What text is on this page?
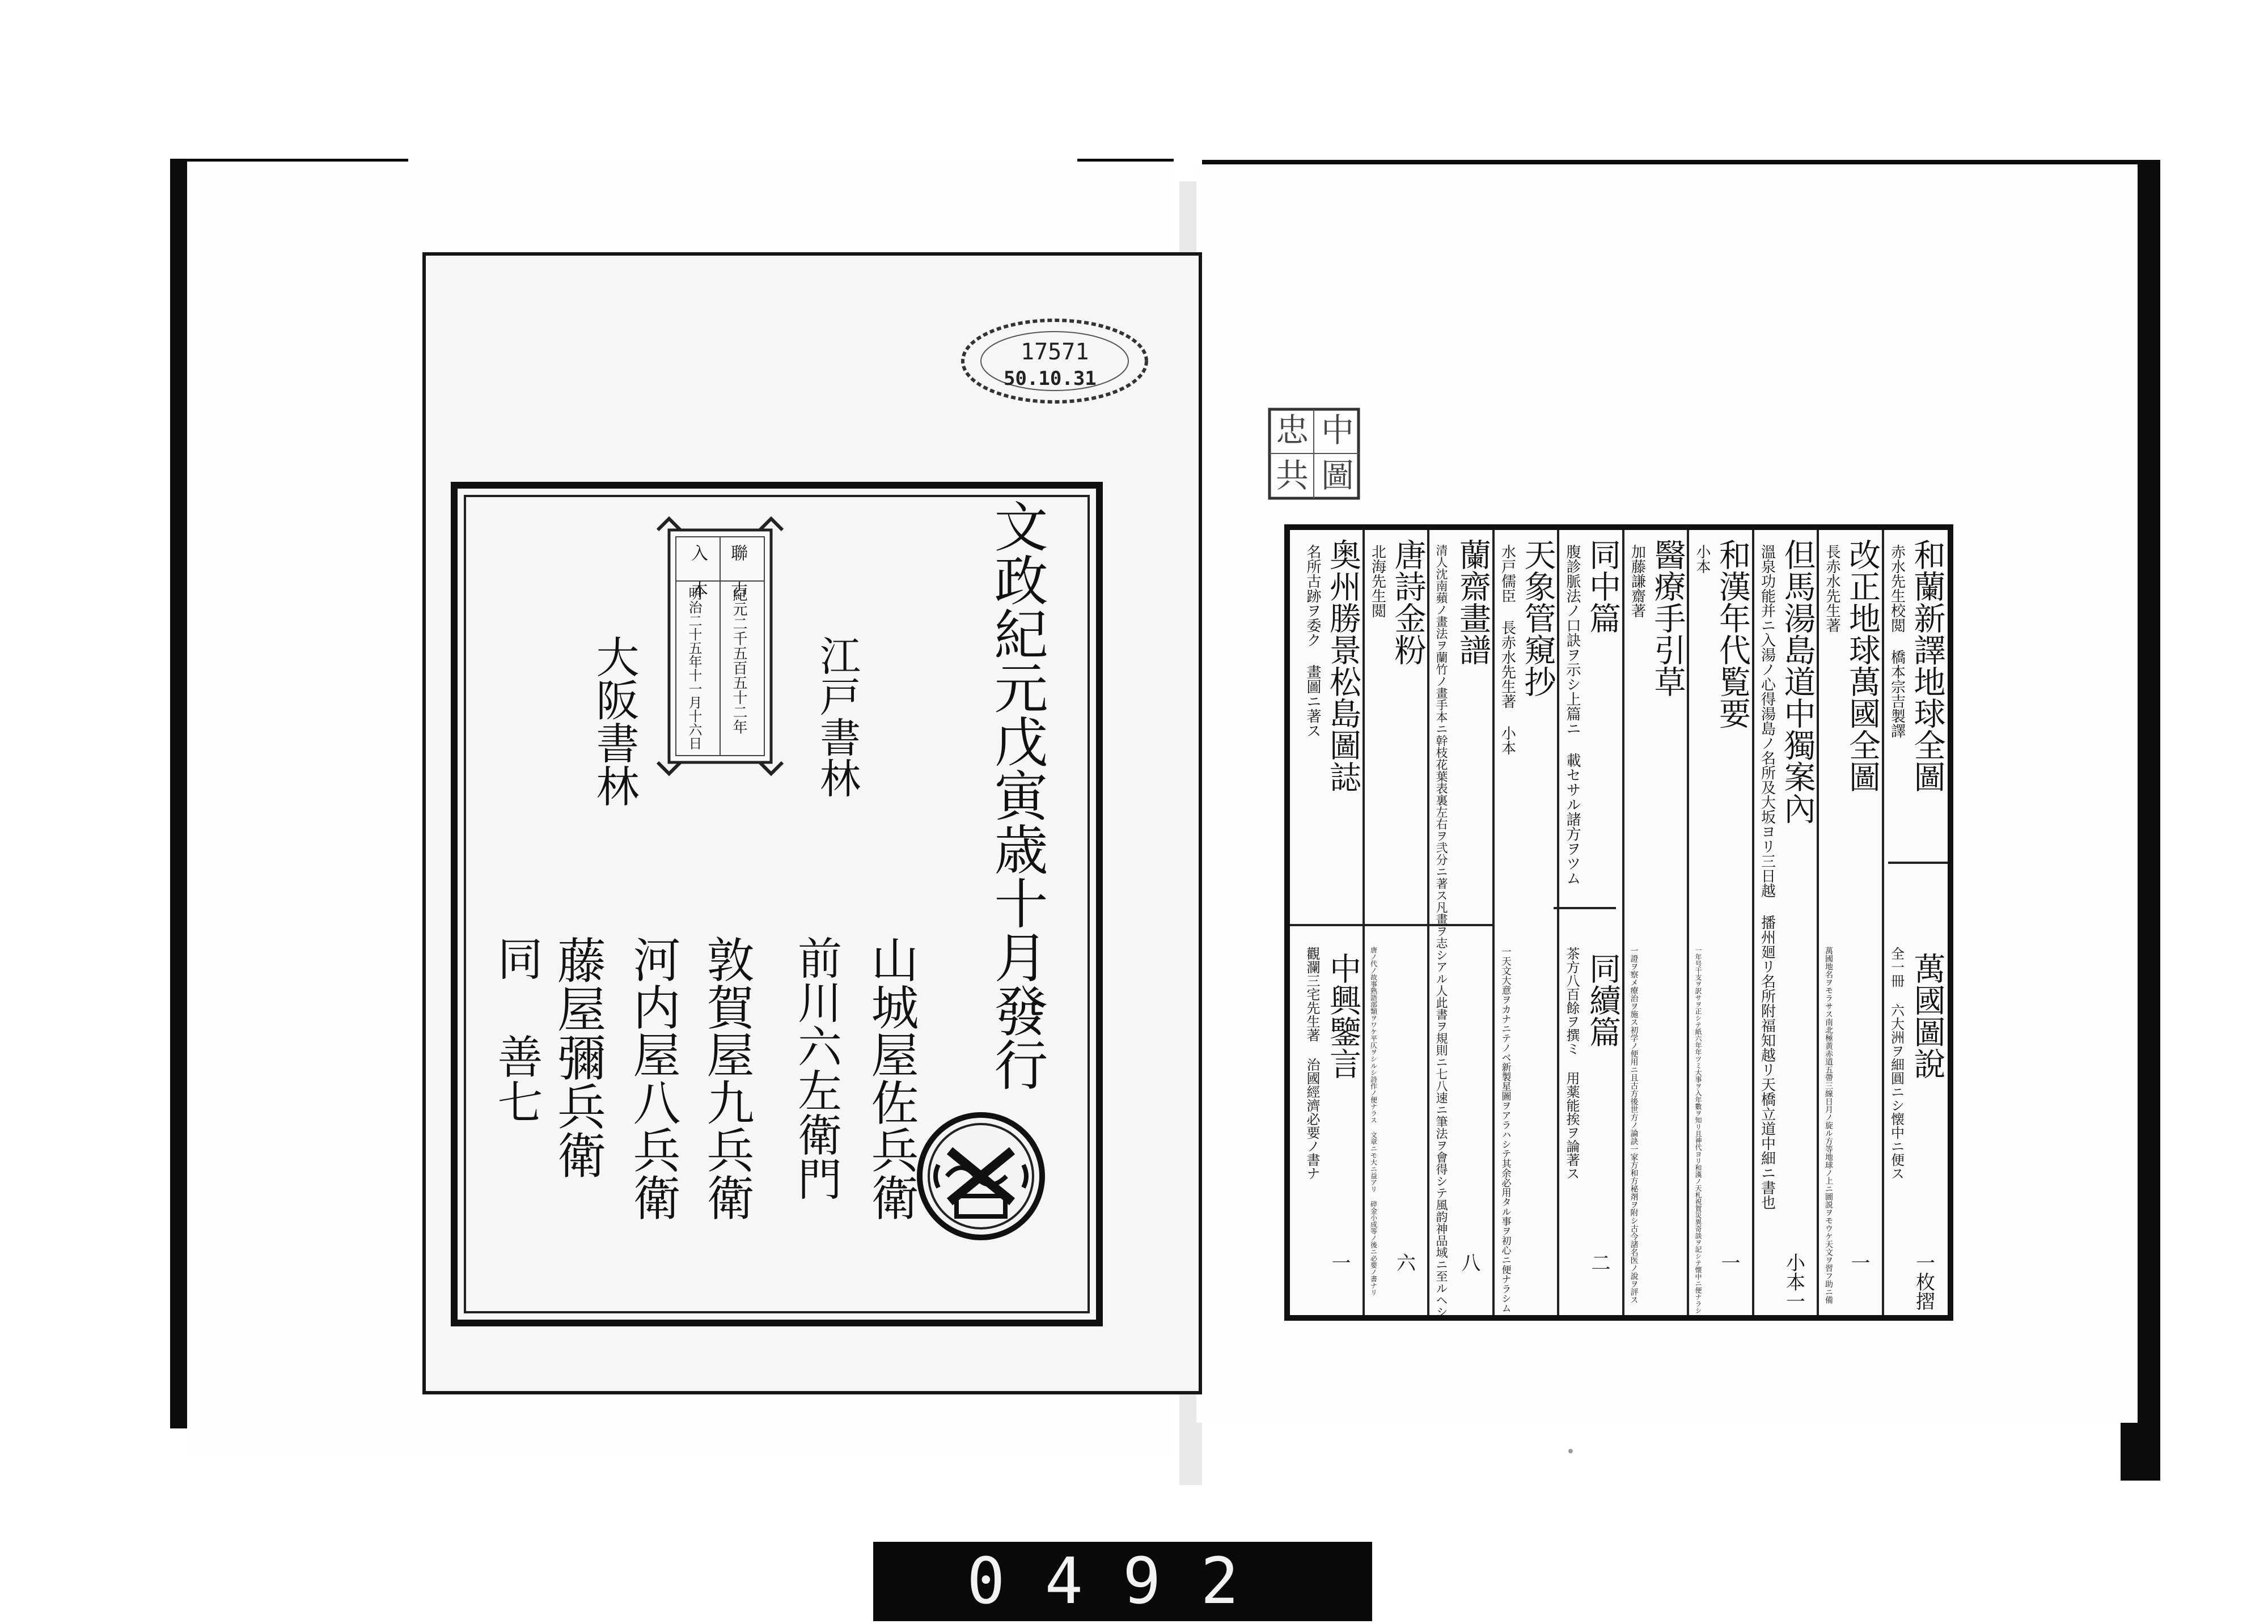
17571
50.10.31
聯 古
入 本
紀元二千五百五十二年
明治二十五年十一月十六日	文政紀元戊寅歳十月發行
江戸書林
大阪書林
山城屋佐兵衛
前川六左衛門
敦賀屋九兵衛
河内屋八兵衛
藤屋彌兵衛
同 善七
中
圖
忠
共
0492
和蘭新譯地球全圖
赤水先生校閲 橋本宗吉製譯
萬國圖說
全一冊 六大洲ヲ細圓ニシ懐中ニ便ス
一枚摺
改正地球萬國全圖
長赤水先生著
萬國地名ヲモラサス南北極黄赤道五帶三線日月ノ旋ル方等地球ノ上ニ圖説ヲモウケ天文ヲ習フ助ニ備 一
但馬湯島道中獨案內
溫泉功能并ニ入湯ノ心得湯島ノ名所及大坂ヨリ三日越 播州廻リ名所附福知越リ天橋立道中細ニ書也
小本一
和漢年代覧要
小本
一年号干支ヲ訳サヲ正シテ紙六年年ツミ大事ヲ入年數ヲ知リ且神代ヨリ和漢ノ天札祝賀災異奇談ヲ記シテ懐中ニ便ナラシム 一
醫療手引草
加藤謙齋著
一證ヲ察メ療治ヲ施ス初学ノ便用ニ且古方後世方ノ論訣一家方和方秘剤ヲ附シ古今諸名医ノ說ヲ評ス
同中篇
腹診脈法ノ口訣ヲ示シ上篇ニ 載セサル諸方ヲツム
同續篇
茶方八百餘ヲ撰ミ 用薬能挨ヲ論著ス
二
天象管窺抄
水戸儒臣 長赤水先生著 小本
一天文大意ヲカナニテノベ新製星圖ヲアラハシテ其余必用タル事ヲ初心ニ便ナラシム
蘭齋畫譜
清人沈南蘋ノ畫法ヲ蘭竹ノ畫手本ニ幹枝花葉表裏左右ヲ弐分ニ著ス凡畫ヲ志シアル人此書ヲ規則ニ七八速ニ筆法ヲ會得シテ風韵神品域ニ至ルヘシ 八
唐詩金粉
北海先生閲
唐ノ代ノ故事熟語部類ヲワケ平仄ヲシルシ詩作ノ便ナラス 文章ニモ大ニ益アリ 碎金小成等ノ後ニ必要ノ書ナリ 六
奥州勝景松島圖誌
名所古跡ヲ委ク 畫圖ニ著ス
中興鑒言
觀瀾三宅先生著 治國經濟必要ノ書ナ
一
